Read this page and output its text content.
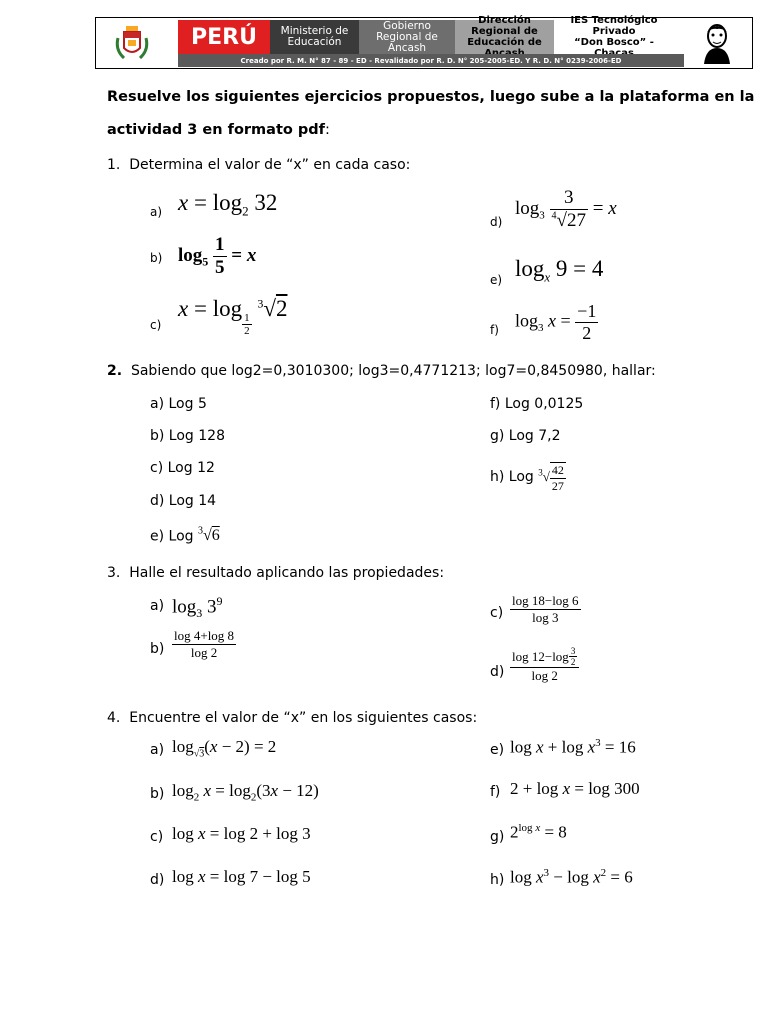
PERÚ	Ministerio de Educación
Gobierno Regional de Ancash
Dirección Regional de Educación de
IES Tecnológico
Privado
“Don Bosco” -
Creado por R. M. N° 87 - 89 - ED - Revalidado por R. D. N° 205-2005-ED. Y R. D. N° 0239-2006-ED
Resuelve los siguientes ejercicios propuestos, luego sube a la plataforma en la
actividad 3 en formato pdf:
1. Determina el valor de “x” en cada caso:
a) $x = \log_2 32$
b) $\log_5 \frac{1}{5} = x$
c)
x = log
$\frac{1}{2}$
$^3$√2
d)
$\log_3 \frac{3}{^4√27} = x$
e) $\log_x 9 = 4$
f) $\log_3 x = \frac{-1}{2}$
2. Sabiendo que log2=0,3010300; log3=0,4771213; log7=0,8450980, hallar:
a) Log 5
b) Log 128
c) Log 12
d) Log 14
e) Log $^3$√6
f) Log 0,0125
g) Log 7,2
h) Log $^3√ \frac{42}{27}$
3. Halle el resultado aplicando las propiedades:
a) $\log_3 3^9$
$b) \frac{\log 4+\log 8}{\log 2}$
$c) \frac{\log 18-\log 6}{\log 3}$
$d) \frac{\log 12-\log \frac{3}{2}}{\log 2}$
4. Encuentre el valor de “x” en los siguientes casos:
a) $\log_{√3}(x - 2) = 2$
b) $\log_2 x = \log_2(3x - 12)$
c) log x = log 2 + log 3
d) log x = log 7 − log 5
e) $\log x + \log x^3 = 16$
f) 2 + log x = log 300
g) $2^{log x} = 8$
h) $\log x^3 - \log x^2 = 6$
